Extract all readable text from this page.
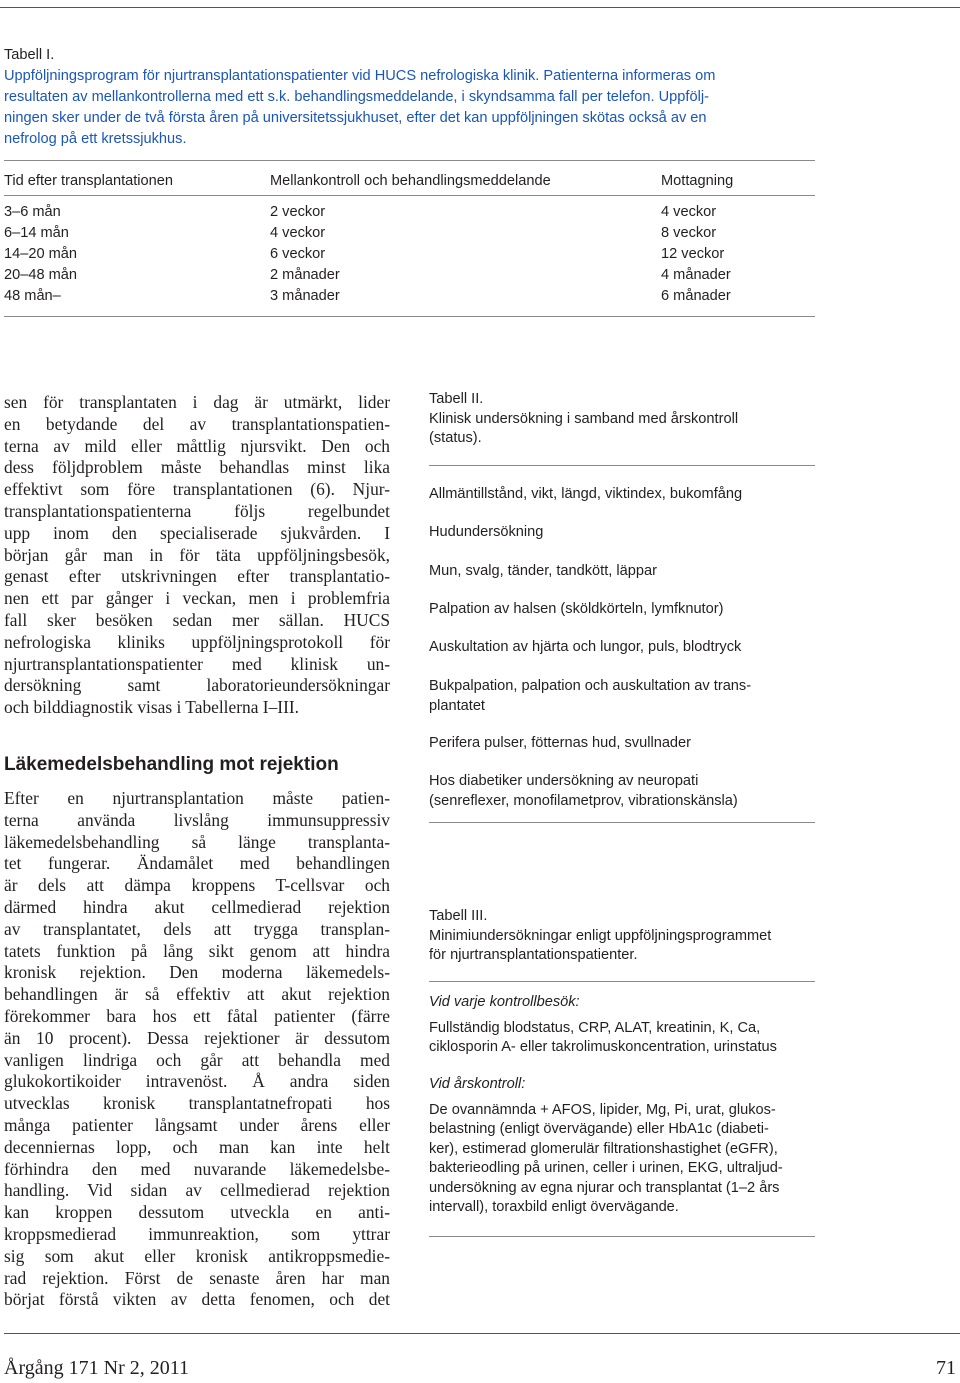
Tabell I.
Uppföljningsprogram för njurtransplantationspatienter vid HUCS nefrologiska klinik. Patienterna informeras om
resultaten av mellankontrollerna med ett s.k. behandlingsmeddelande, i skyndsamma fall per telefon. Uppfölj-
ningen sker under de två första åren på universitetssjukhuset, efter det kan uppföljningen skötas också av en
nefrolog på ett kretssjukhus.
Tid efter transplantationen	Mellankontroll och behandlingsmeddelande	Mottagning
3–6 mån	2 veckor	4 veckor
6–14 mån	4 veckor	8 veckor
14–20 mån	6 veckor	12 veckor
20–48 mån	2 månader	4 månader
48 mån–	3 månader	6 månader
sen för transplantaten i dag är utmärkt, lider
en betydande del av transplantationspatien-
terna av mild eller måttlig njursvikt. Den och
dess följdproblem måste behandlas minst lika
effektivt som före transplantationen (6). Njur-
transplantationspatienterna följs regelbundet
upp inom den specialiserade sjukvården. I
början går man in för täta uppföljningsbesök,
genast efter utskrivningen efter transplantatio-
nen ett par gånger i veckan, men i problemfria
fall sker besöken sedan mer sällan. HUCS
nefrologiska kliniks uppföljningsprotokoll för
njurtransplantationspatienter med klinisk un-
dersökning samt laboratorieundersökningar
och bilddiagnostik visas i Tabellerna I–III.
Läkemedelsbehandling mot rejektion
Efter en njurtransplantation måste patien-
terna använda livslång immunsuppressiv
läkemedelsbehandling så länge transplanta-
tet fungerar. Ändamålet med behandlingen
är dels att dämpa kroppens T-cellsvar och
därmed hindra akut cellmedierad rejektion
av transplantatet, dels att trygga transplan-
tatets funktion på lång sikt genom att hindra
kronisk rejektion. Den moderna läkemedels-
behandlingen är så effektiv att akut rejektion
förekommer bara hos ett fåtal patienter (färre
än 10 procent). Dessa rejektioner är dessutom
vanligen lindriga och går att behandla med
glukokortikoider intravenöst. Å andra siden
utvecklas kronisk transplantatnefropati hos
många patienter långsamt under årens eller
decenniernas lopp, och man kan inte helt
förhindra den med nuvarande läkemedelsbe-
handling. Vid sidan av cellmedierad rejektion
kan kroppen dessutom utveckla en anti-
kroppsmedierad immunreaktion, som yttrar
sig som akut eller kronisk antikroppsmedie-
rad rejektion. Först de senaste åren har man
börjat förstå vikten av detta fenomen, och det
Tabell II.
Klinisk undersökning i samband med årskontroll
(status).
Allmäntillstånd, vikt, längd, viktindex, bukomfång
Hudundersökning
Mun, svalg, tänder, tandkött, läppar
Palpation av halsen (sköldkörteln, lymfknutor)
Auskultation av hjärta och lungor, puls, blodtryck
Bukpalpation, palpation och auskultation av trans-
plantatet
Perifera pulser, fötternas hud, svullnader
Hos diabetiker undersökning av neuropati
(senreflexer, monofilametprov, vibrationskänsla)
Tabell III.
Minimiundersökningar enligt uppföljningsprogrammet
för njurtransplantationspatienter.
Vid varje kontrollbesök:
Fullständig blodstatus, CRP, ALAT, kreatinin, K, Ca,
ciklosporin A- eller takrolimuskoncentration, urinstatus
Vid årskontroll:
De ovannämnda + AFOS, lipider, Mg, Pi, urat, glukos-
belastning (enligt övervägande) eller HbA1c (diabeti-
ker), estimerad glomerulär filtrationshastighet (eGFR),
bakterieodling på urinen, celler i urinen, EKG, ultraljud-
undersökning av egna njurar och transplantat (1–2 års
intervall), toraxbild enligt övervägande.
Årgång 171 Nr 2, 2011	71
